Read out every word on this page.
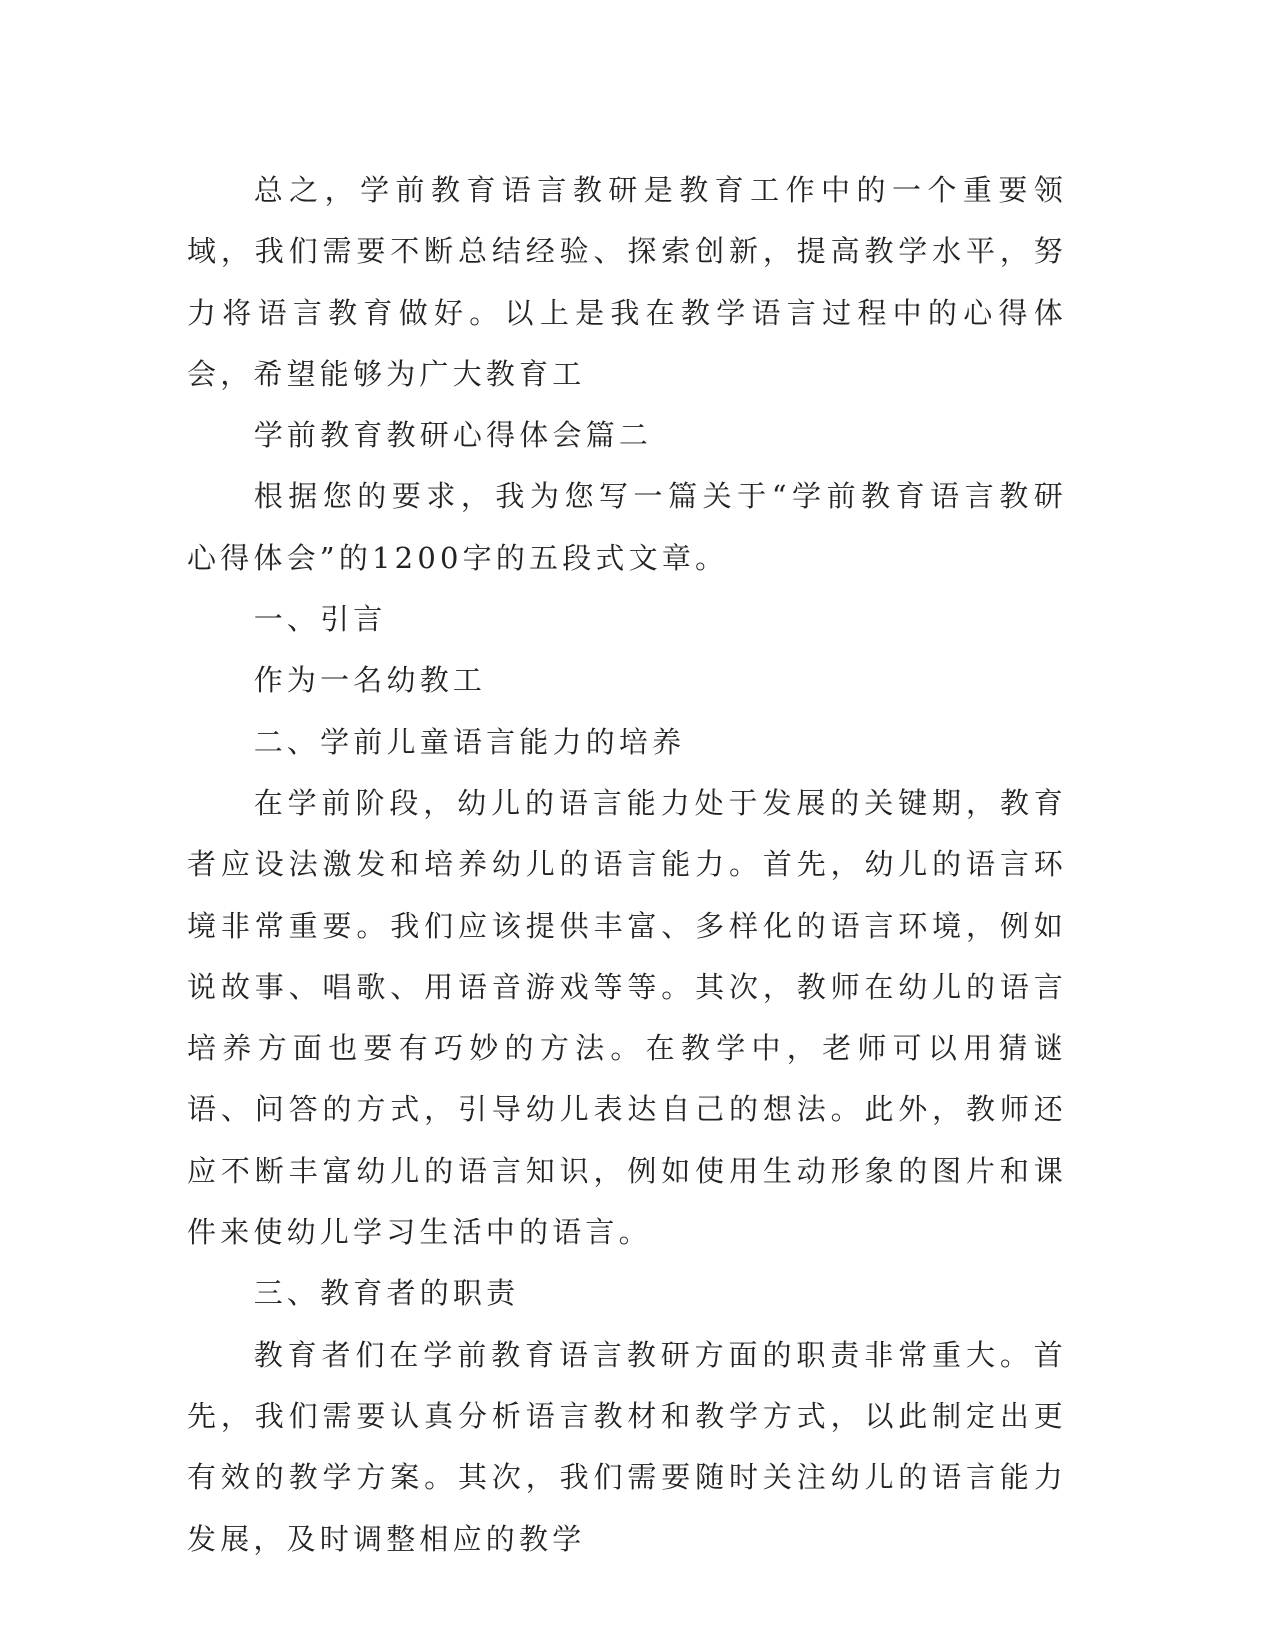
总之，学前教育语言教研是教育工作中的一个重要领域，我们需要不断总结经验、探索创新，提高教学水平，努力将语言教育做好。以上是我在教学语言过程中的心得体会，希望能够为广大教育工

学前教育教研心得体会篇二

根据您的要求，我为您写一篇关于“学前教育语言教研心得体会”的1200字的五段式文章。

一、引言

作为一名幼教工

二、学前儿童语言能力的培养

在学前阶段，幼儿的语言能力处于发展的关键期，教育者应设法激发和培养幼儿的语言能力。首先，幼儿的语言环境非常重要。我们应该提供丰富、多样化的语言环境，例如说故事、唱歌、用语音游戏等等。其次，教师在幼儿的语言培养方面也要有巧妙的方法。在教学中，老师可以用猜谜语、问答的方式，引导幼儿表达自己的想法。此外，教师还应不断丰富幼儿的语言知识，例如使用生动形象的图片和课件来使幼儿学习生活中的语言。

三、教育者的职责

教育者们在学前教育语言教研方面的职责非常重大。首先，我们需要认真分析语言教材和教学方式，以此制定出更有效的教学方案。其次，我们需要随时关注幼儿的语言能力发展，及时调整相应的教学
